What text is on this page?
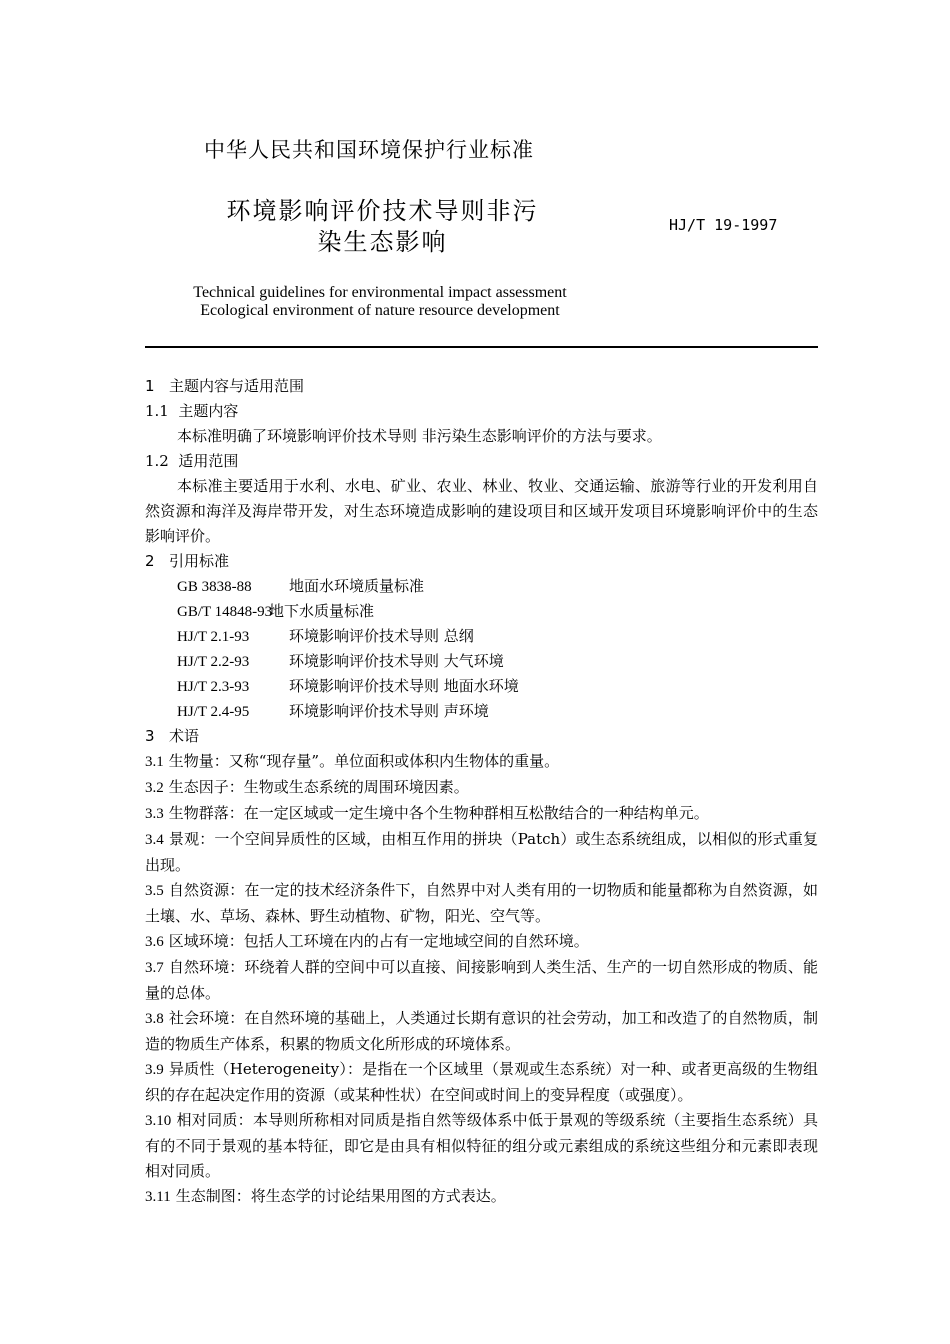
中华人民共和国环境保护行业标准
环境影响评价技术导则非污
染生态影响
HJ/T 19-1997
Technical guidelines for environmental impact assessment
Ecological environment of nature resource development
1 主题内容与适用范围
1.1 主题内容
本标准明确了环境影响评价技术导则 非污染生态影响评价的方法与要求。
1.2 适用范围
本标准主要适用于水利、水电、矿业、农业、林业、牧业、交通运输、旅游等行业的开发利用自然资源和海洋及海岸带开发，对生态环境造成影响的建设项目和区域开发项目环境影响评价中的生态影响评价。
2 引用标准
GB 3838-88 地面水环境质量标准
GB/T 14848-93地下水质量标准
HJ/T 2.1-93	环境影响评价技术导则 总纲
HJ/T 2.2-93	环境影响评价技术导则 大气环境
HJ/T 2.3-93	环境影响评价技术导则 地面水环境
HJ/T 2.4-95	环境影响评价技术导则 声环境
3 术语
3.1 生物量：又称“现存量”。单位面积或体积内生物体的重量。
3.2 生态因子：生物或生态系统的周围环境因素。
3.3 生物群落：在一定区域或一定生境中各个生物种群相互松散结合的一种结构单元。
3.4 景观：一个空间异质性的区域，由相互作用的拼块（Patch）或生态系统组成，以相似的形式重复出现。
3.5 自然资源：在一定的技术经济条件下，自然界中对人类有用的一切物质和能量都称为自然资源，如土壤、水、草场、森林、野生动植物、矿物，阳光、空气等。
3.6 区域环境：包括人工环境在内的占有一定地域空间的自然环境。
3.7 自然环境：环绕着人群的空间中可以直接、间接影响到人类生活、生产的一切自然形成的物质、能量的总体。
3.8 社会环境：在自然环境的基础上，人类通过长期有意识的社会劳动，加工和改造了的自然物质，制造的物质生产体系，积累的物质文化所形成的环境体系。
3.9 异质性（Heterogeneity）：是指在一个区域里（景观或生态系统）对一种、或者更高级的生物组织的存在起决定作用的资源（或某种性状）在空间或时间上的变异程度（或强度）。
3.10 相对同质：本导则所称相对同质是指自然等级体系中低于景观的等级系统（主要指生态系统）具有的不同于景观的基本特征，即它是由具有相似特征的组分或元素组成的系统这些组分和元素即表现相对同质。
3.11 生态制图：将生态学的讨论结果用图的方式表达。
